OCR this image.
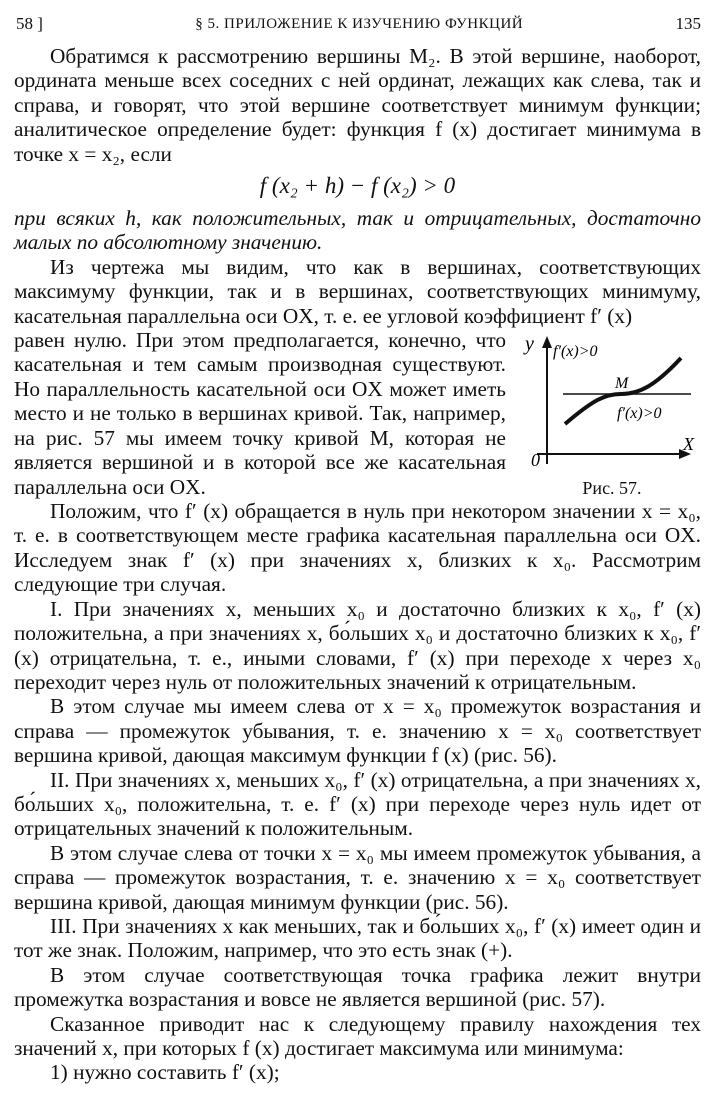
58 ]	§ 5. ПРИЛОЖЕНИЕ К ИЗУЧЕНИЮ ФУНКЦИЙ	135

Обратимся к рассмотрению вершины M₂. В этой вершине, наоборот, ордината меньше всех соседних с ней ординат, лежащих как слева, так и справа, и говорят, что этой вершине соответствует минимум функции; аналитическое определение будет: функция f (x) достигает минимума в точке x = x₂, если

f (x₂ + h) − f (x₂) > 0

при всяких h, как положительных, так и отрицательных, достаточно малых по абсолютному значению.

Из чертежа мы видим, что как в вершинах, соответствующих максимуму функции, так и в вершинах, соответствующих минимуму, касательная параллельна оси OX, т. е. ее угловой коэффициент f′ (x)

равен нулю. При этом предполагается, конечно, что касательная и тем самым производная существуют. Но параллельность касательной оси OX может иметь место и не только в вершинах кривой. Так, например, на рис. 57 мы имеем точку кривой M, которая не является вершиной и в которой все же касательная параллельна оси OX.

y
X
0
f′(x)>0
M
f′(x)>0
Рис. 57.

Положим, что f′ (x) обращается в нуль при некотором значении x = x₀, т. е. в соответствующем месте графика касательная параллельна оси OX. Исследуем знак f′ (x) при значениях x, близких к x₀. Рассмотрим следующие три случая.

I. При значениях x, меньших x₀ и достаточно близких к x₀, f′ (x) положительна, а при значениях x, бо́льших x₀ и достаточно близких к x₀, f′ (x) отрицательна, т. е., иными словами, f′ (x) при переходе x через x₀ переходит через нуль от положительных значений к отрицательным.

В этом случае мы имеем слева от x = x₀ промежуток возрастания и справа — промежуток убывания, т. е. значению x = x₀ соответствует вершина кривой, дающая максимум функции f (x) (рис. 56).

II. При значениях x, меньших x₀, f′ (x) отрицательна, а при значениях x, бо́льших x₀, положительна, т. е. f′ (x) при переходе через нуль идет от отрицательных значений к положительным.

В этом случае слева от точки x = x₀ мы имеем промежуток убывания, а справа — промежуток возрастания, т. е. значению x = x₀ соответствует вершина кривой, дающая минимум функции (рис. 56).

III. При значениях x как меньших, так и бо́льших x₀, f′ (x) имеет один и тот же знак. Положим, например, что это есть знак (+).

В этом случае соответствующая точка графика лежит внутри промежутка возрастания и вовсе не является вершиной (рис. 57).

Сказанное приводит нас к следующему правилу нахождения тех значений x, при которых f (x) достигает максимума или минимума:

1) нужно составить f′ (x);
